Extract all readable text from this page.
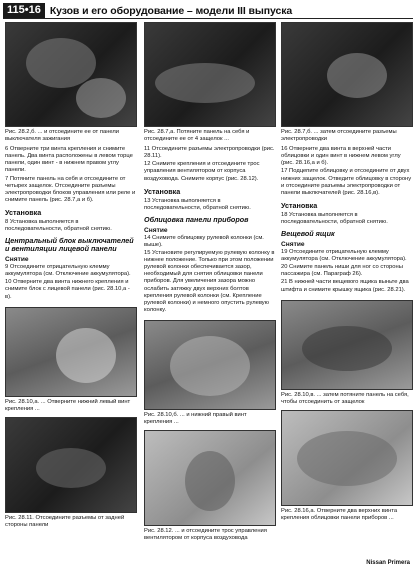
115•16 Кузов и его оборудование – модели III выпуска
Рис. 28.2,б. ... и отсоедините ее от панели выключателя зажигания

6 Отверните три винта крепления и снимите панель. Два винта расположены в левом торце панели, один винт - в нижнем правом углу панели.

7 Потяните панель на себя и отсоедините от четырех защелок. Отсоедините разъемы электропроводки блоков управления или реле и снимите панель (рис. 28.7,а и б).

Установка
8 Установка выполняется в последовательности, обратной снятию.
Центральный блок выключателей и вентиляции лицевой панели
Снятие

9 Отсоедините отрицательную клемму аккумулятора (см. Отключение аккумулятора).

10 Отверните два винта нижнего крепления и снимите блок с лицевой панели (рис. 28.10,а - в).

Рис. 28.10,а. ... Отверните нижний левый винт крепления ...
Рис. 28.11. Отсоедините разъемы от задней стороны панели
Рис. 28.7,а. Потяните панель на себя и отсоедините ее от 4 защелок ...

11 Отсоедините разъемы электропроводки (рис. 28.11).

12 Снимите крепления и отсоедините трос управления вентилятором от корпуса воздуховода. Снимите корпус (рис. 28.12).

Установка
13 Установка выполняется в последовательности, обратной снятию.
Облицовка панели приборов
Снятие

14 Снимите облицовку рулевой колонки (см. выше).

15 Установите регулируемую рулевую колонку в нижнее положение. Только при этом положении рулевой колонки обеспечивается зазор, необходимый для снятия облицовки панели приборов. Для увеличения зазора можно ослабить затяжку двух верхних болтов крепления рулевой колонки (см. Крепление рулевой колонки) и немного опустить рулевую колонку.

Рис. 28.10,б. ... и нижний правый винт крепления ...
Рис. 28.12. ... и отсоедините трос управления вентилятором от корпуса воздуховода
Рис. 28.7,б. ... затем отсоедините разъемы электропроводки

16 Отверните два винта в верхней части облицовки и один винт в нижнем левом углу (рис. 28.16,а и б).

17 Подцепите облицовку и отсоедините от двух нижних защелок. Отведите облицовку в сторону и отсоедините разъемы электропроводки от панели выключателей (рис. 28.16,в).

Установка
18 Установка выполняется в последовательности, обратной снятию.
Вещевой ящик
Снятие

19 Отсоедините отрицательную клемму аккумулятора (см. Отключение аккумулятора).

20 Снимите панель ниши для ног со стороны пассажира (см. Параграф 26).

21 В нижней части вещевого ящика выньте два штифта и снимите крышку ящика (рис. 28.21).

Рис. 28.10,в. ... затем потяните панель на себя, чтобы отсоединить от защелок
Рис. 28.16,а. Отверните два верхних винта крепления облицовки панели приборов ...
Nissan Primera
